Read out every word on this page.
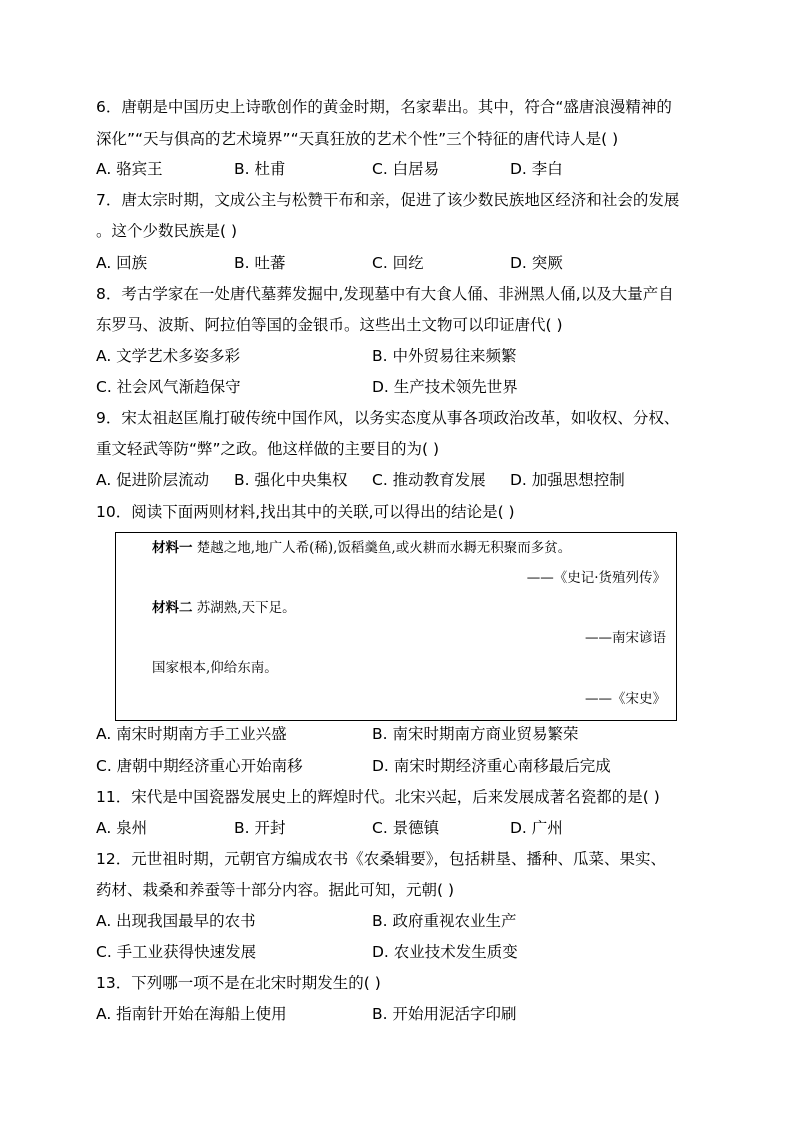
6．唐朝是中国历史上诗歌创作的黄金时期，名家辈出。其中，符合“盛唐浪漫精神的
深化”“天与俱高的艺术境界”“天真狂放的艺术个性”三个特征的唐代诗人是( )
A. 骆宾王	B. 杜甫	C. 白居易	D. 李白
7．唐太宗时期，文成公主与松赞干布和亲，促进了该少数民族地区经济和社会的发展
。这个少数民族是( )
A. 回族	B. 吐蕃	C. 回纥	D. 突厥
8．考古学家在一处唐代墓葬发掘中,发现墓中有大食人俑、非洲黑人俑,以及大量产自
东罗马、波斯、阿拉伯等国的金银币。这些出土文物可以印证唐代( )
A. 文学艺术多姿多彩	B. 中外贸易往来频繁
C. 社会风气渐趋保守	D. 生产技术领先世界
9．宋太祖赵匡胤打破传统中国作风，以务实态度从事各项政治改革，如收权、分权、
重文轻武等防“弊”之政。他这样做的主要目的为( )
A. 促进阶层流动 B. 强化中央集权 C. 推动教育发展 D. 加强思想控制
10．阅读下面两则材料,找出其中的关联,可以得出的结论是( )
材料一 楚越之地,地广人希(稀),饭稻羹鱼,或火耕而水耨无积聚而多贫。
——《史记·货殖列传》
材料二 苏湖熟,天下足。
——南宋谚语
国家根本,仰给东南。
——《宋史》
A. 南宋时期南方手工业兴盛	B. 南宋时期南方商业贸易繁荣
C. 唐朝中期经济重心开始南移	D. 南宋时期经济重心南移最后完成
11．宋代是中国瓷器发展史上的辉煌时代。北宋兴起，后来发展成著名瓷都的是( )
A. 泉州	B. 开封	C. 景德镇	D. 广州
12．元世祖时期，元朝官方编成农书《农桑辑要》，包括耕垦、播种、瓜菜、果实、
药材、栽桑和养蚕等十部分内容。据此可知，元朝( )
A. 出现我国最早的农书	B. 政府重视农业生产
C. 手工业获得快速发展	D. 农业技术发生质变
13．下列哪一项不是在北宋时期发生的( )
A. 指南针开始在海船上使用	B. 开始用泥活字印刷
